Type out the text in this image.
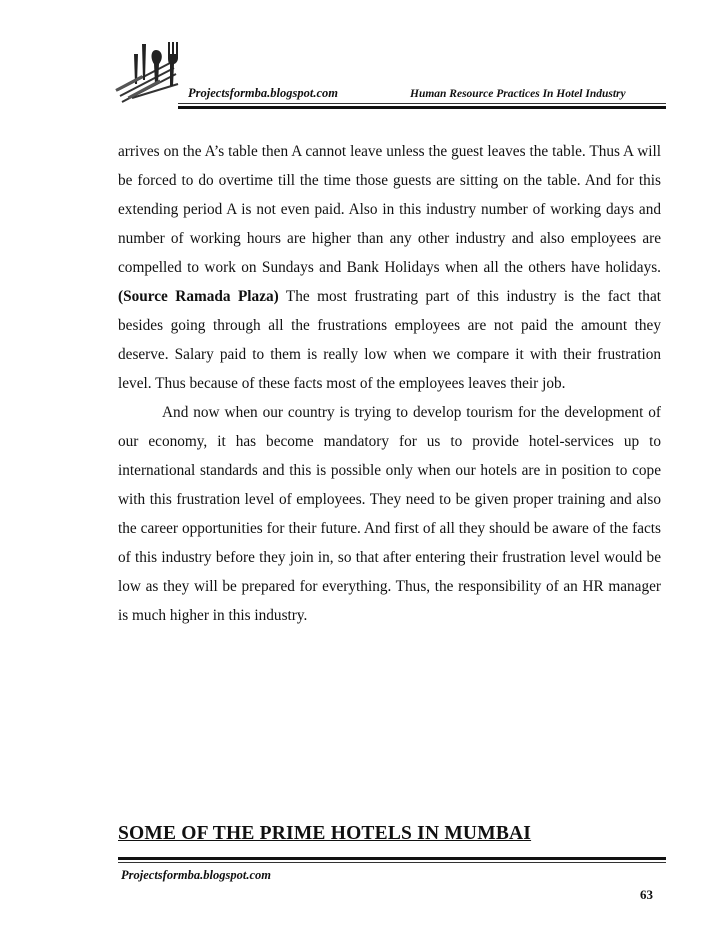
Projectsformba.blogspot.com	Human Resource Practices In Hotel Industry

arrives on the A’s table then A cannot leave unless the guest leaves the table. Thus A will be forced to do overtime till the time those guests are sitting on the table. And for this extending period A is not even paid. Also in this industry number of working days and number of working hours are higher than any other industry and also employees are compelled to work on Sundays and Bank Holidays when all the others have holidays. (Source Ramada Plaza) The most frustrating part of this industry is the fact that besides going through all the frustrations employees are not paid the amount they deserve. Salary paid to them is really low when we compare it with their frustration level. Thus because of these facts most of the employees leaves their job.

And now when our country is trying to develop tourism for the development of our economy, it has become mandatory for us to provide hotel-services up to international standards and this is possible only when our hotels are in position to cope with this frustration level of employees. They need to be given proper training and also the career opportunities for their future. And first of all they should be aware of the facts of this industry before they join in, so that after entering their frustration level would be low as they will be prepared for everything. Thus, the responsibility of an HR manager is much higher in this industry.

SOME OF THE PRIME HOTELS IN MUMBAI
Projectsformba.blogspot.com
63
